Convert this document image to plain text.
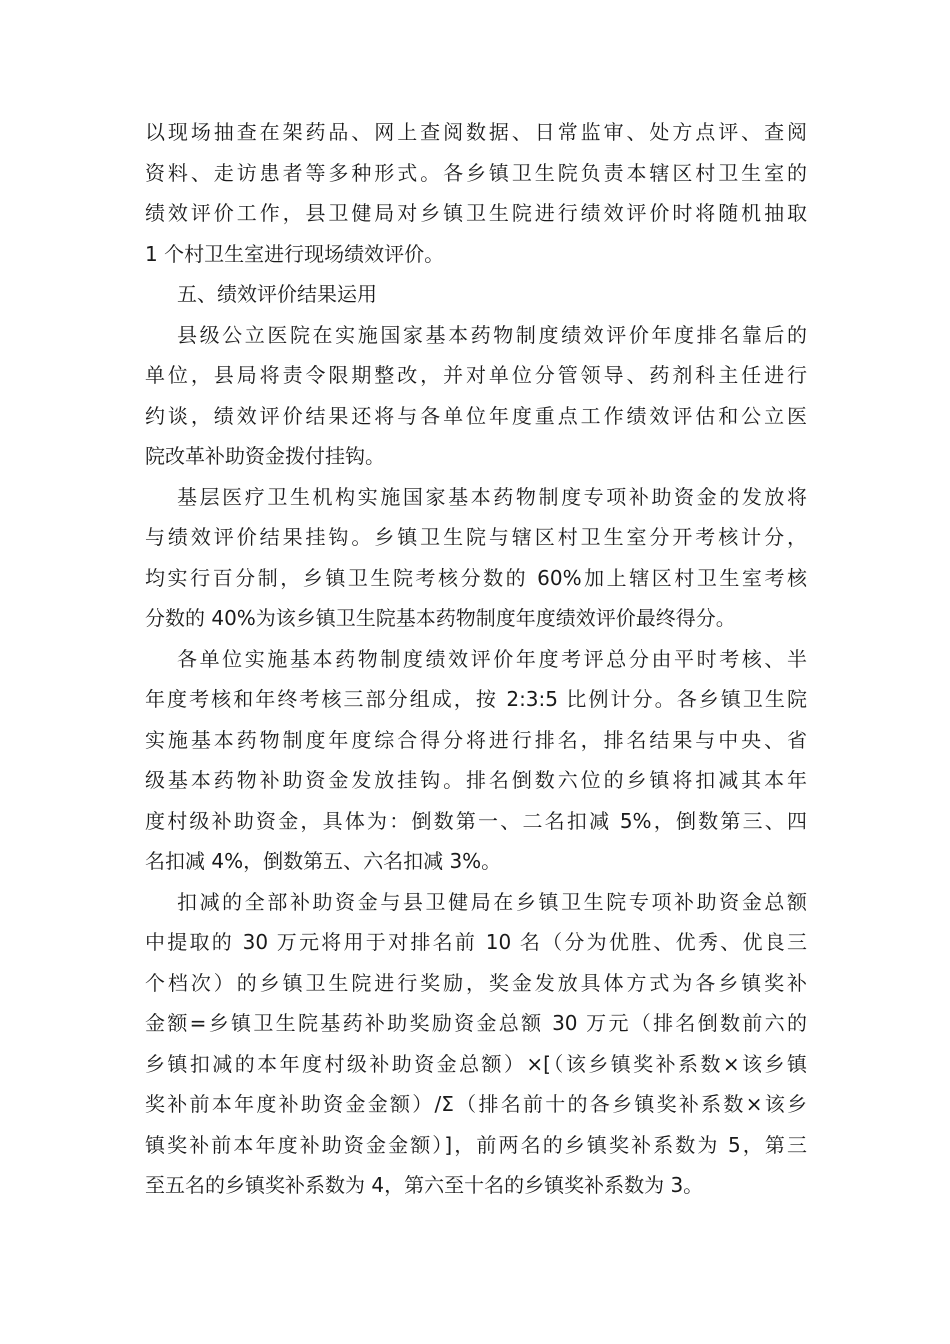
以现场抽查在架药品、网上查阅数据、日常监审、处方点评、查阅
资料、走访患者等多种形式。各乡镇卫生院负责本辖区村卫生室的
绩效评价工作，县卫健局对乡镇卫生院进行绩效评价时将随机抽取
1 个村卫生室进行现场绩效评价。
五、绩效评价结果运用
县级公立医院在实施国家基本药物制度绩效评价年度排名靠后的
单位，县局将责令限期整改，并对单位分管领导、药剂科主任进行
约谈，绩效评价结果还将与各单位年度重点工作绩效评估和公立医
院改革补助资金拨付挂钩。
基层医疗卫生机构实施国家基本药物制度专项补助资金的发放将
与绩效评价结果挂钩。乡镇卫生院与辖区村卫生室分开考核计分，
均实行百分制，乡镇卫生院考核分数的 60%加上辖区村卫生室考核
分数的 40%为该乡镇卫生院基本药物制度年度绩效评价最终得分。
各单位实施基本药物制度绩效评价年度考评总分由平时考核、半
年度考核和年终考核三部分组成，按 2:3:5 比例计分。各乡镇卫生院
实施基本药物制度年度综合得分将进行排名，排名结果与中央、省
级基本药物补助资金发放挂钩。排名倒数六位的乡镇将扣减其本年
度村级补助资金，具体为：倒数第一、二名扣减 5%，倒数第三、四
名扣减 4%，倒数第五、六名扣减 3%。
扣减的全部补助资金与县卫健局在乡镇卫生院专项补助资金总额
中提取的 30 万元将用于对排名前 10 名（分为优胜、优秀、优良三
个档次）的乡镇卫生院进行奖励，奖金发放具体方式为各乡镇奖补
金额=乡镇卫生院基药补助奖励资金总额 30 万元（排名倒数前六的
乡镇扣减的本年度村级补助资金总额）×[（该乡镇奖补系数×该乡镇
奖补前本年度补助资金金额）/Σ（排名前十的各乡镇奖补系数×该乡
镇奖补前本年度补助资金金额）]，前两名的乡镇奖补系数为 5，第三
至五名的乡镇奖补系数为 4，第六至十名的乡镇奖补系数为 3。
